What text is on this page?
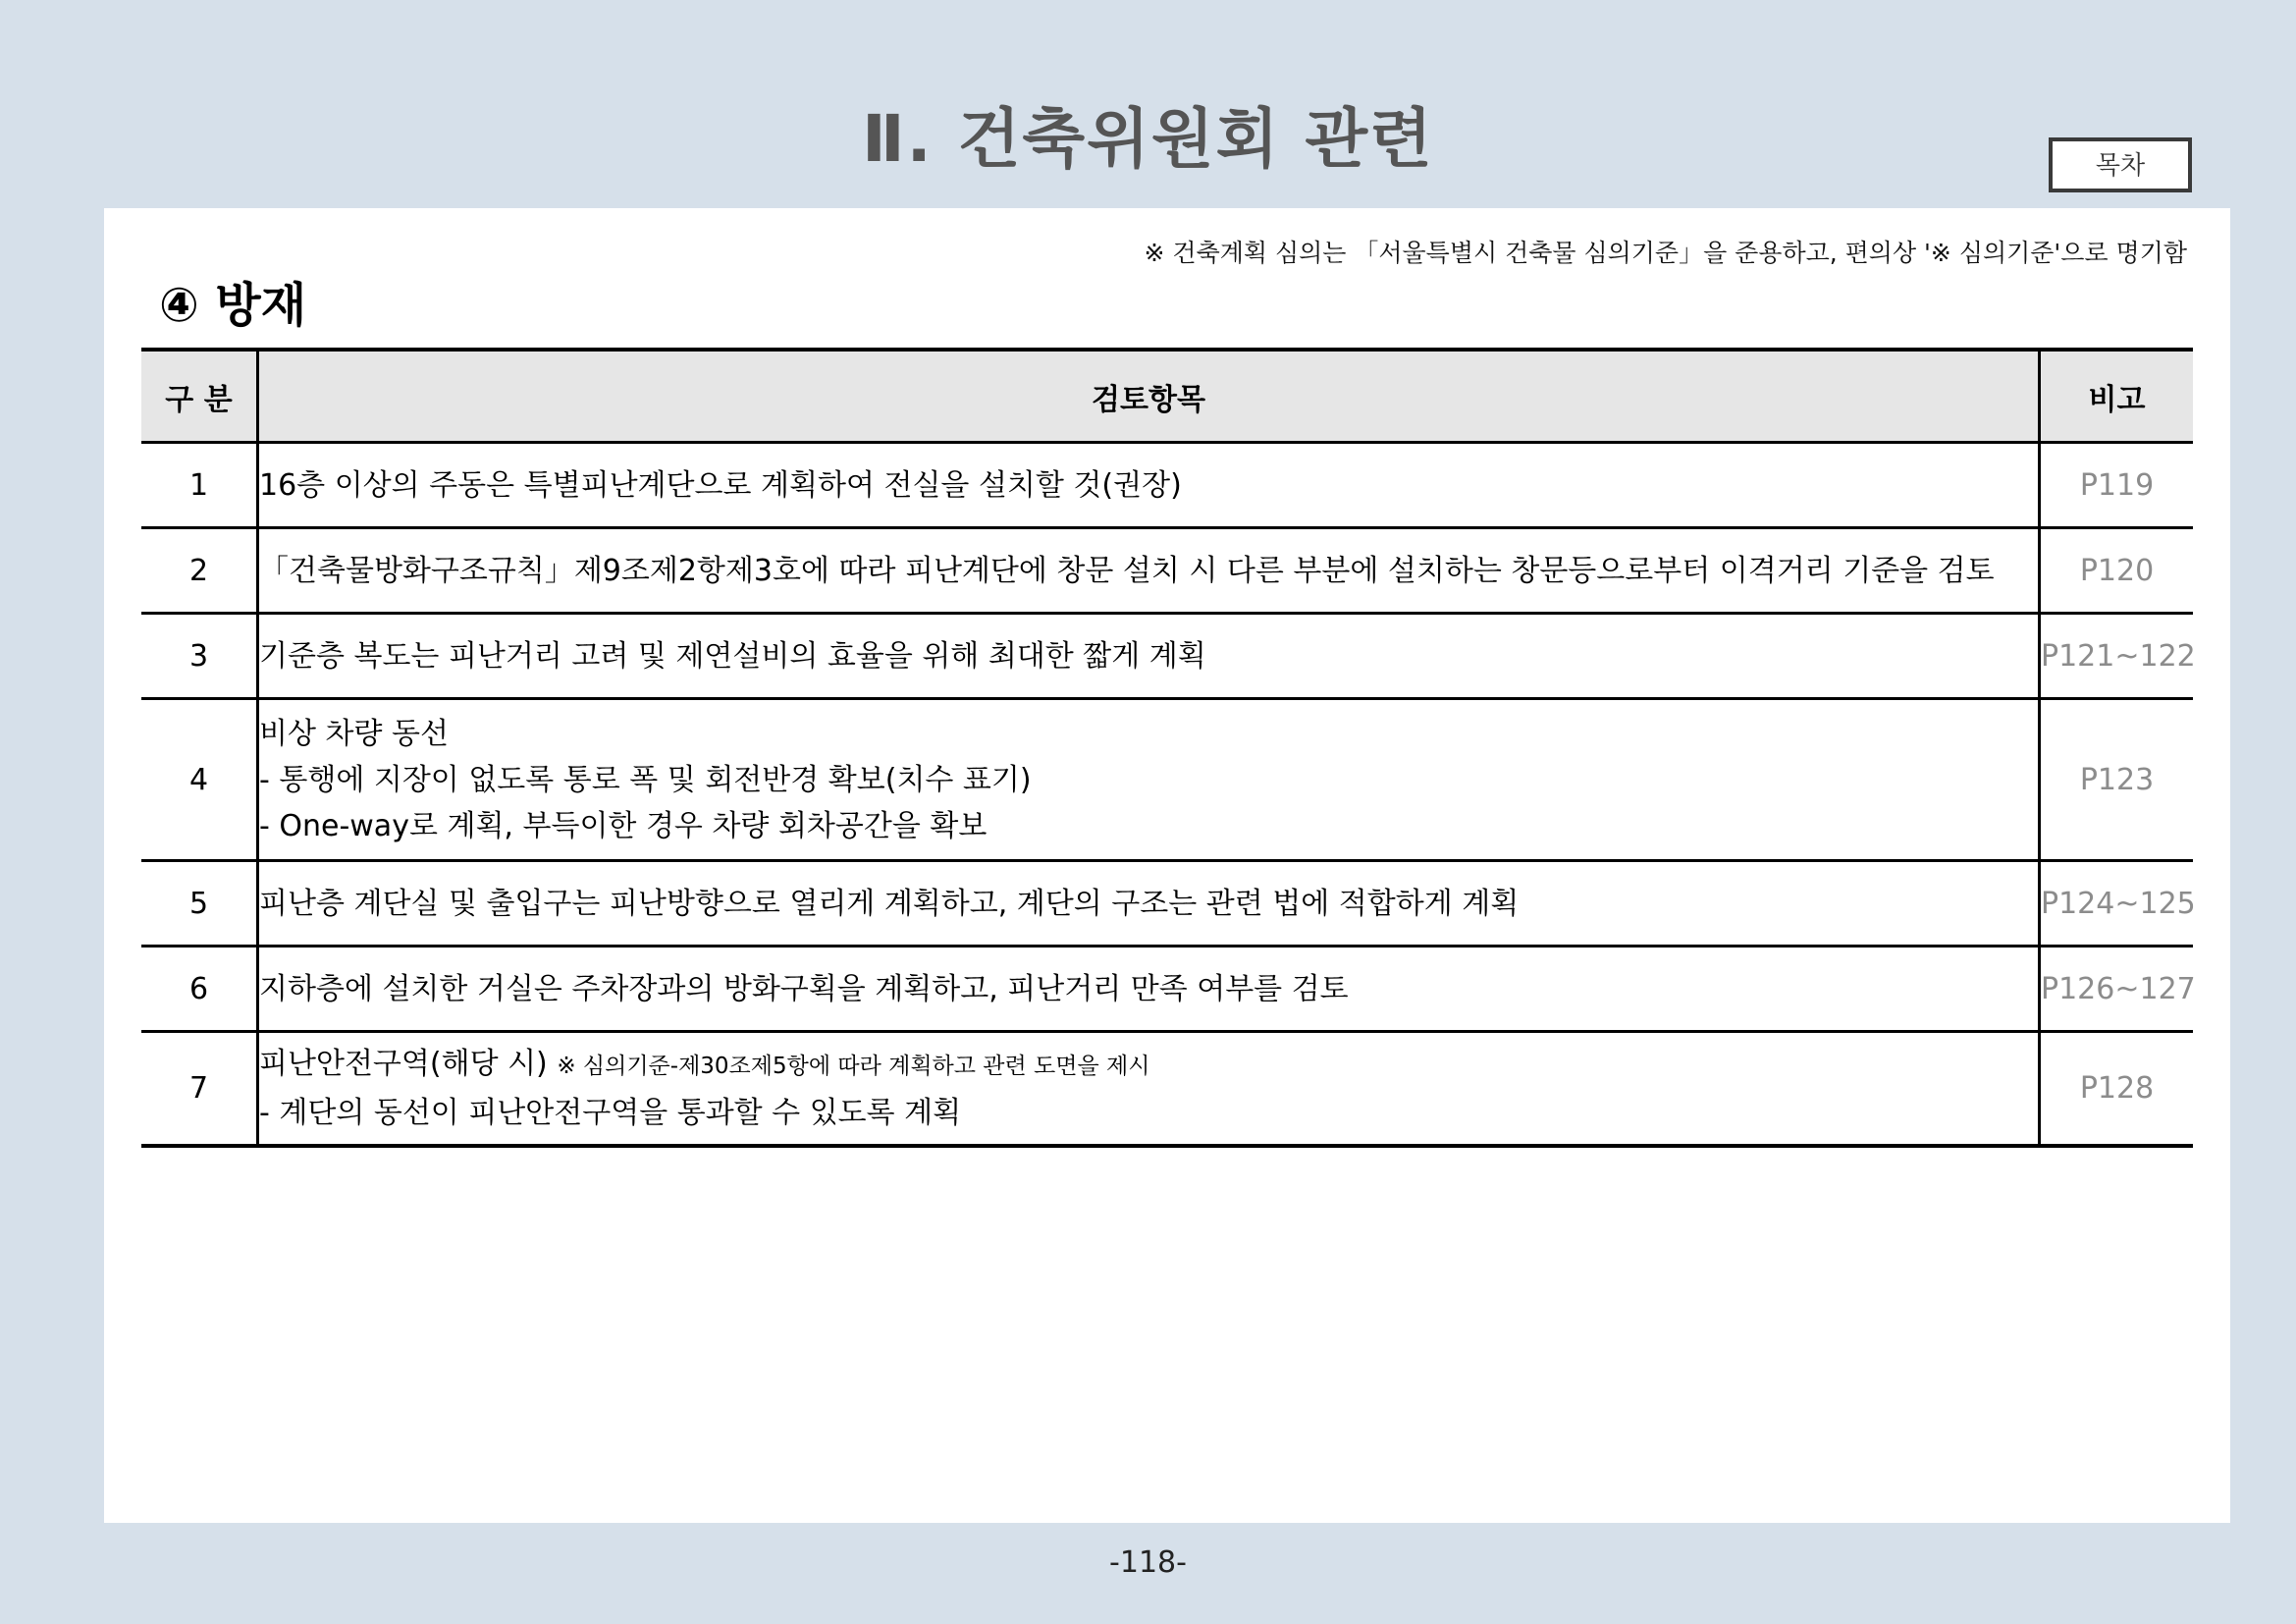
Ⅱ. 건축위원회 관련	목차
※ 건축계획 심의는 「서울특별시 건축물 심의기준」을 준용하고, 편의상 '※ 심의기준'으로 명기함
④ 방재
구 분	검토항목	비고
1	16층 이상의 주동은 특별피난계단으로 계획하여 전실을 설치할 것(권장)	P119
2	「건축물방화구조규칙」제9조제2항제3호에 따라 피난계단에 창문 설치 시 다른 부분에 설치하는 창문등으로부터 이격거리 기준을 검토	P120
3	기준층 복도는 피난거리 고려 및 제연설비의 효율을 위해 최대한 짧게 계획	P121~122
4	비상 차량 동선
- 통행에 지장이 없도록 통로 폭 및 회전반경 확보(치수 표기)
- One-way로 계획, 부득이한 경우 차량 회차공간을 확보	P123
5	피난층 계단실 및 출입구는 피난방향으로 열리게 계획하고, 계단의 구조는 관련 법에 적합하게 계획	P124~125
6	지하층에 설치한 거실은 주차장과의 방화구획을 계획하고, 피난거리 만족 여부를 검토	P126~127
7	피난안전구역(해당 시) ※ 심의기준-제30조제5항에 따라 계획하고 관련 도면을 제시
- 계단의 동선이 피난안전구역을 통과할 수 있도록 계획	P128
-118-
